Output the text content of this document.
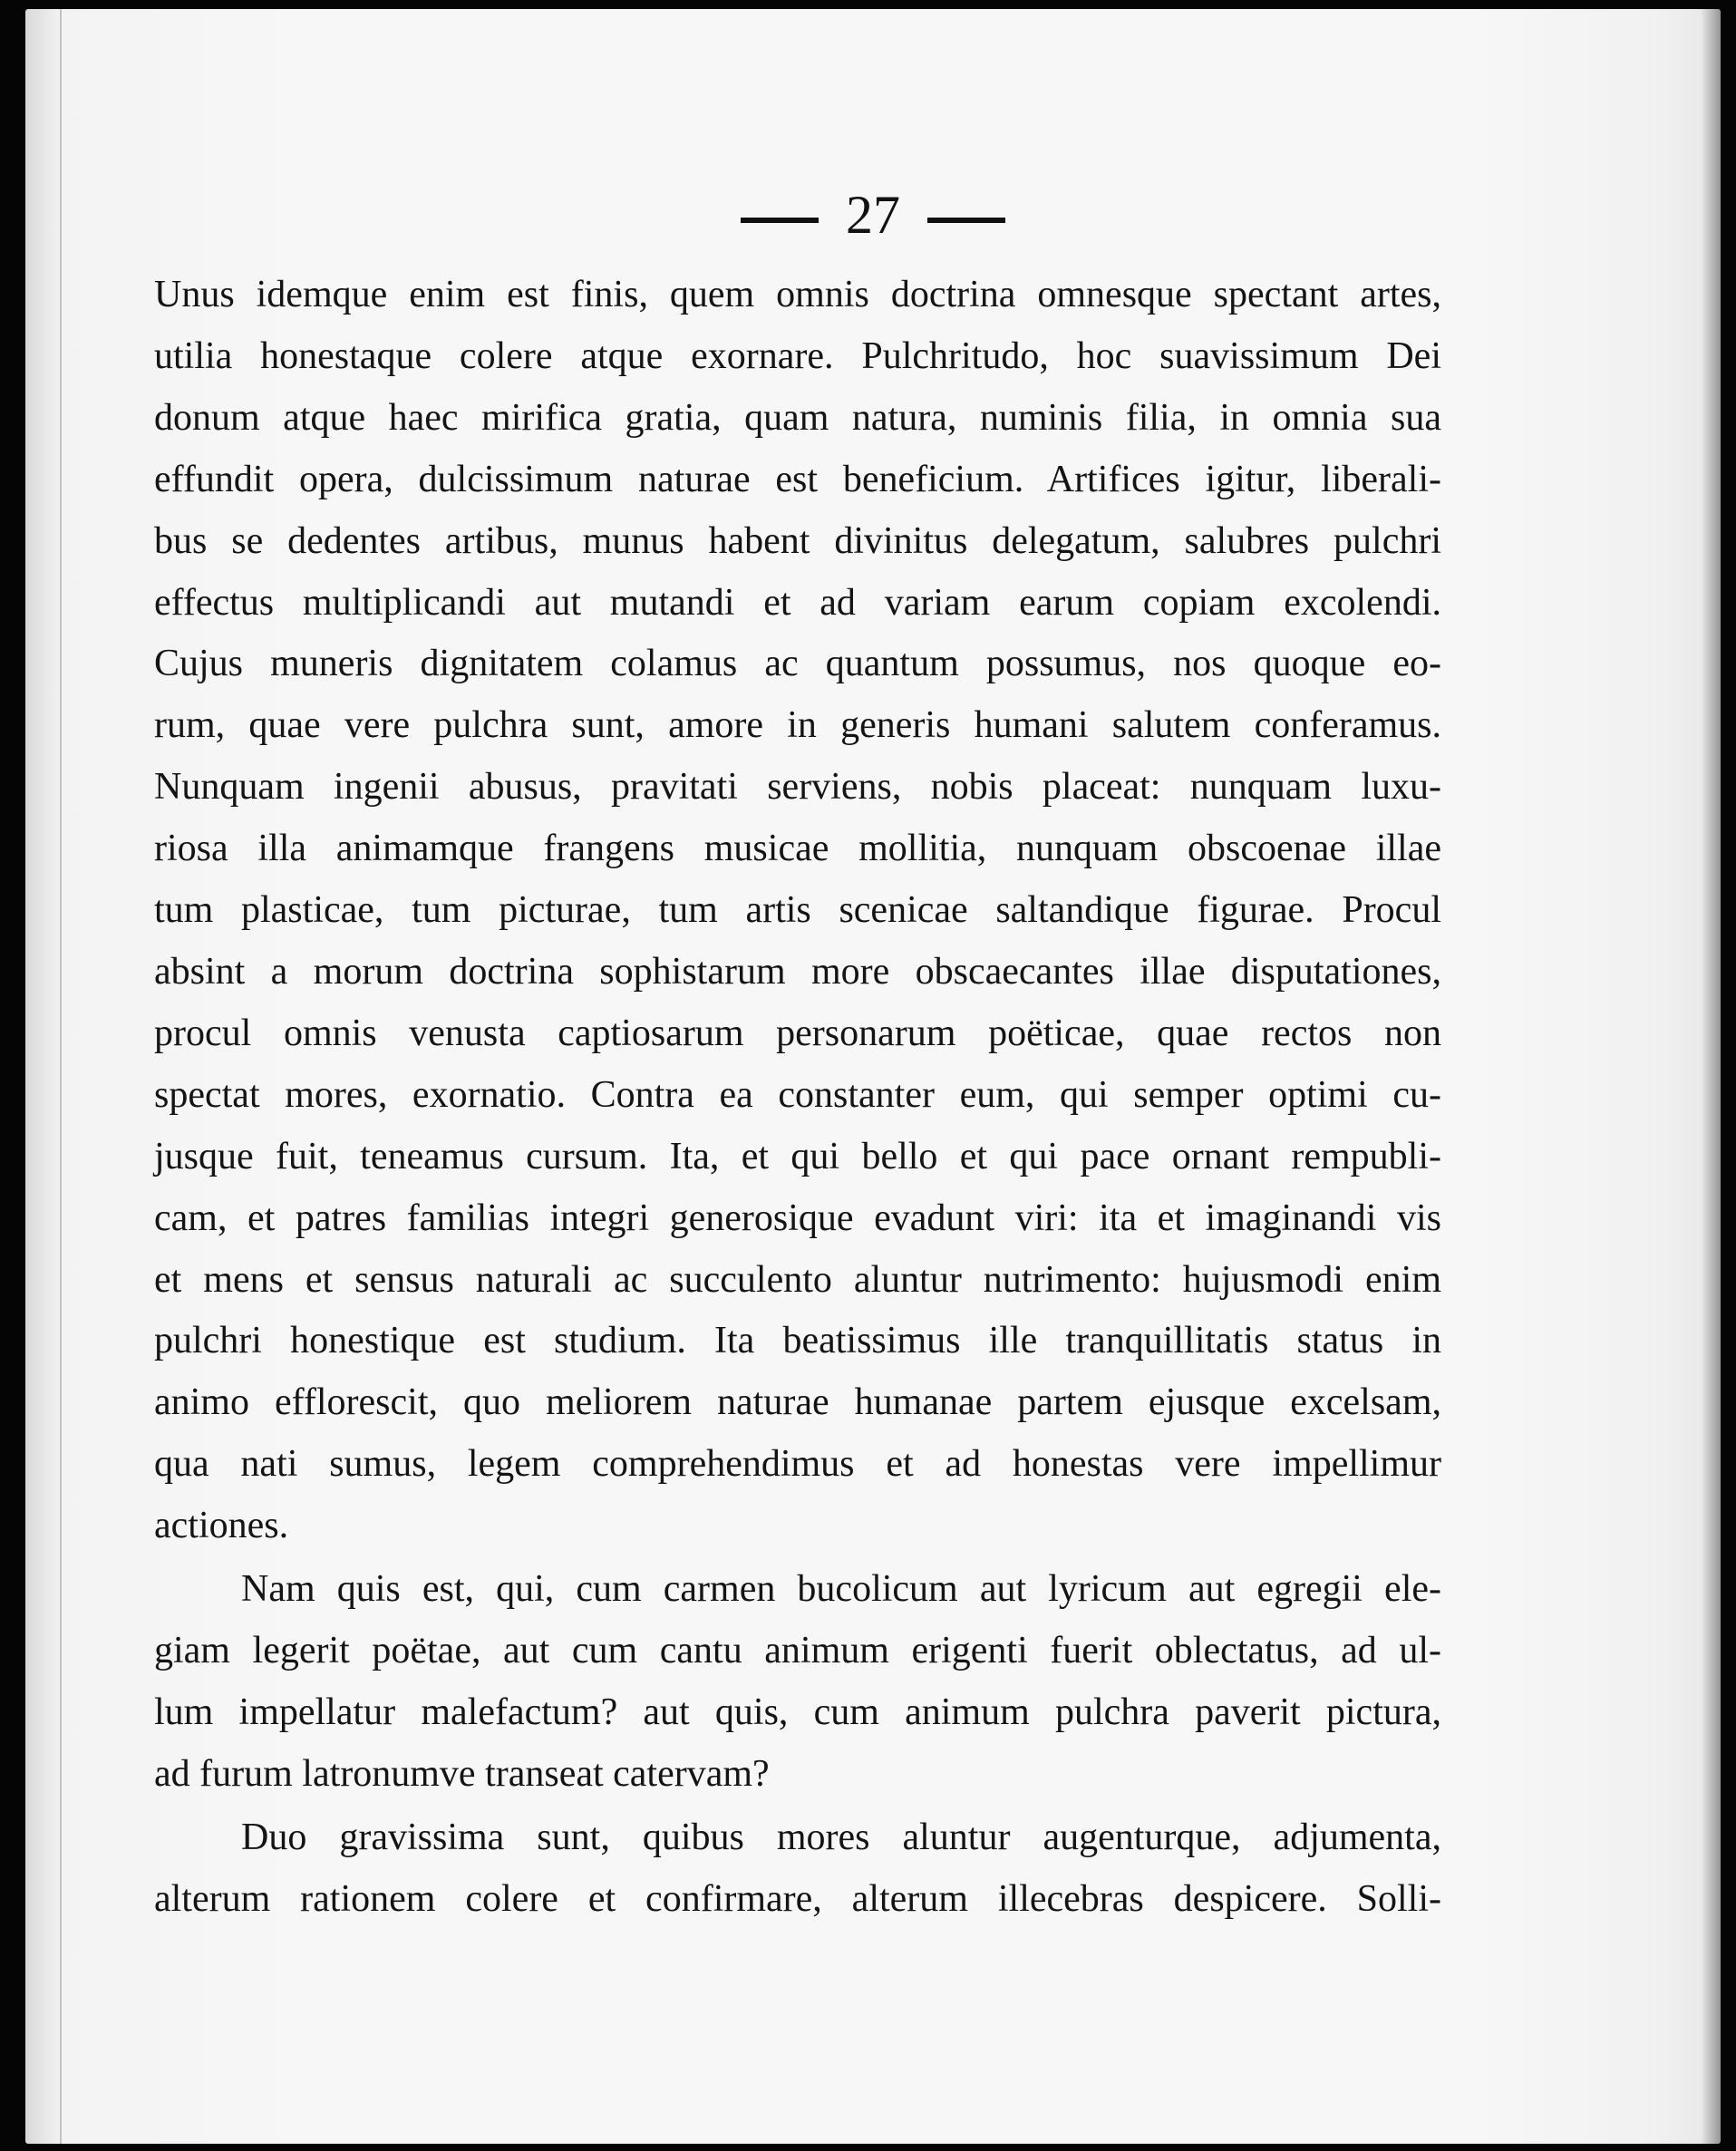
27
Unus idemque enim est finis, quem omnis doctrina omnesque spectant artes,
utilia honestaque colere atque exornare. Pulchritudo, hoc suavissimum Dei
donum atque haec mirifica gratia, quam natura, numinis filia, in omnia sua
effundit opera, dulcissimum naturae est beneficium. Artifices igitur, liberali-
bus se dedentes artibus, munus habent divinitus delegatum, salubres pulchri
effectus multiplicandi aut mutandi et ad variam earum copiam excolendi.
Cujus muneris dignitatem colamus ac quantum possumus, nos quoque eo-
rum, quae vere pulchra sunt, amore in generis humani salutem conferamus.
Nunquam ingenii abusus, pravitati serviens, nobis placeat: nunquam luxu-
riosa illa animamque frangens musicae mollitia, nunquam obscoenae illae
tum plasticae, tum picturae, tum artis scenicae saltandique figurae. Procul
absint a morum doctrina sophistarum more obscaecantes illae disputationes,
procul omnis venusta captiosarum personarum poëticae, quae rectos non
spectat mores, exornatio. Contra ea constanter eum, qui semper optimi cu-
jusque fuit, teneamus cursum. Ita, et qui bello et qui pace ornant rempubli-
cam, et patres familias integri generosique evadunt viri: ita et imaginandi vis
et mens et sensus naturali ac succulento aluntur nutrimento: hujusmodi enim
pulchri honestique est studium. Ita beatissimus ille tranquillitatis status in
animo efflorescit, quo meliorem naturae humanae partem ejusque excelsam,
qua nati sumus, legem comprehendimus et ad honestas vere impellimur
actiones.
Nam quis est, qui, cum carmen bucolicum aut lyricum aut egregii ele-
giam legerit poëtae, aut cum cantu animum erigenti fuerit oblectatus, ad ul-
lum impellatur malefactum? aut quis, cum animum pulchra paverit pictura,
ad furum latronumve transeat catervam?
Duo gravissima sunt, quibus mores aluntur augenturque, adjumenta,
alterum rationem colere et confirmare, alterum illecebras despicere. Solli-
